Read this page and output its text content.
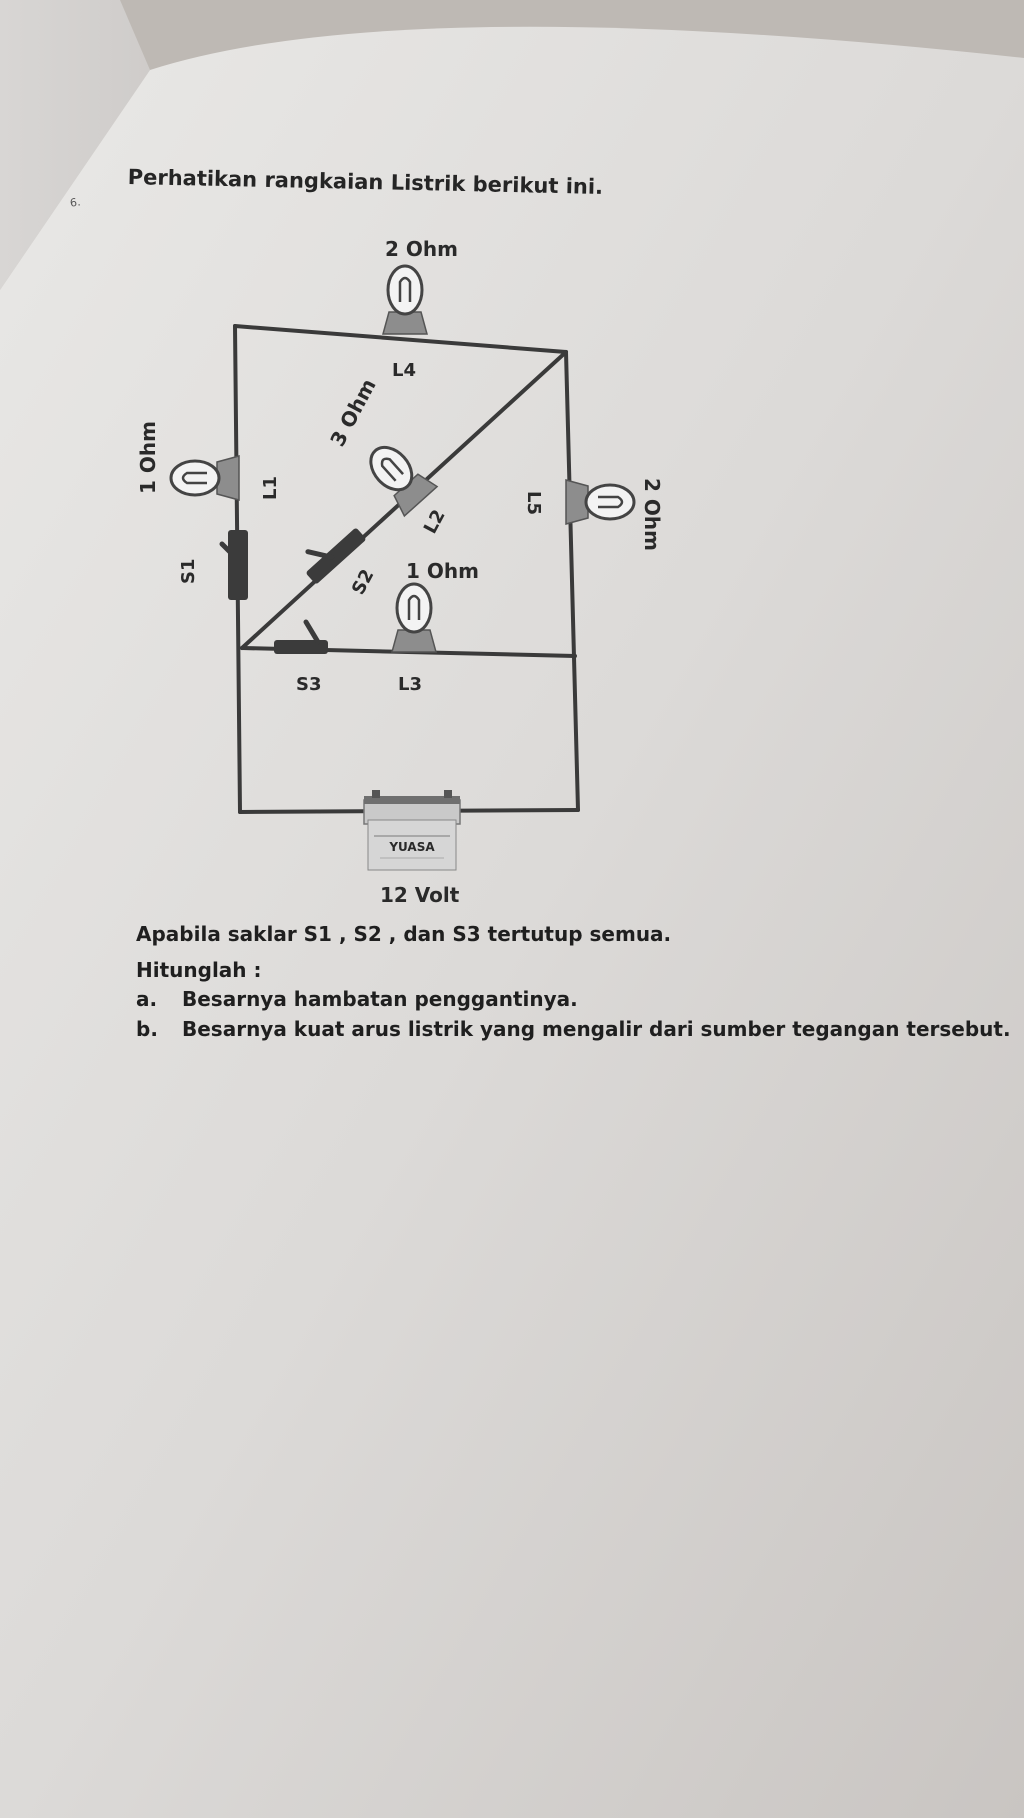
6.
Perhatikan rangkaian Listrik berikut ini.
2 Ohm
L4
3 Ohm
L2
1 Ohm	L1
L5	2 Ohm
1 Ohm
L3
S1	S2
S3
YUASA
12 Volt
Apabila saklar S1 , S2 , dan S3 tertutup semua.
Hitunglah :
a. Besarnya hambatan penggantinya.
b. Besarnya kuat arus listrik yang mengalir dari sumber tegangan tersebut.
